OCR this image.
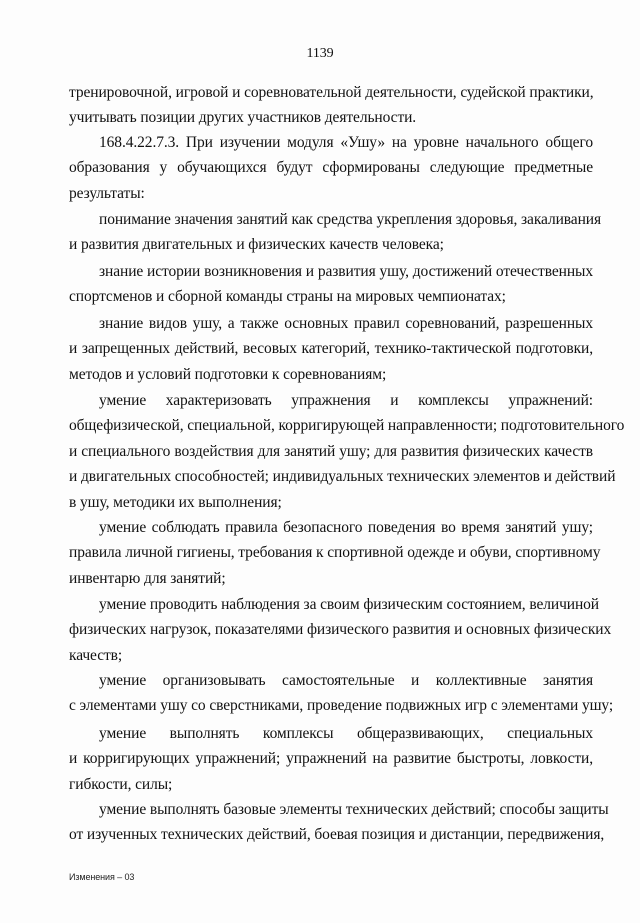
1139
тренировочной, игровой и соревновательной деятельности, судейской практики,
учитывать позиции других участников деятельности.
168.4.22.7.3. При изучении модуля «Ушу» на уровне начального общего
образования у обучающихся будут сформированы следующие предметные
результаты:
понимание значения занятий как средства укрепления здоровья, закаливания
и развития двигательных и физических качеств человека;
знание истории возникновения и развития ушу, достижений отечественных
спортсменов и сборной команды страны на мировых чемпионатах;
знание видов ушу, а также основных правил соревнований, разрешенных
и запрещенных действий, весовых категорий, технико-тактической подготовки,
методов и условий подготовки к соревнованиям;
умение характеризовать упражнения и комплексы упражнений:
общефизической, специальной, корригирующей направленности; подготовительного
и специального воздействия для занятий ушу; для развития физических качеств
и двигательных способностей; индивидуальных технических элементов и действий
в ушу, методики их выполнения;
умение соблюдать правила безопасного поведения во время занятий ушу;
правила личной гигиены, требования к спортивной одежде и обуви, спортивному
инвентарю для занятий;
умение проводить наблюдения за своим физическим состоянием, величиной
физических нагрузок, показателями физического развития и основных физических
качеств;
умение организовывать самостоятельные и коллективные занятия
с элементами ушу со сверстниками, проведение подвижных игр с элементами ушу;
умение выполнять комплексы общеразвивающих, специальных
и корригирующих упражнений; упражнений на развитие быстроты, ловкости,
гибкости, силы;
умение выполнять базовые элементы технических действий; способы защиты
от изученных технических действий, боевая позиция и дистанции, передвижения,
Изменения – 03
